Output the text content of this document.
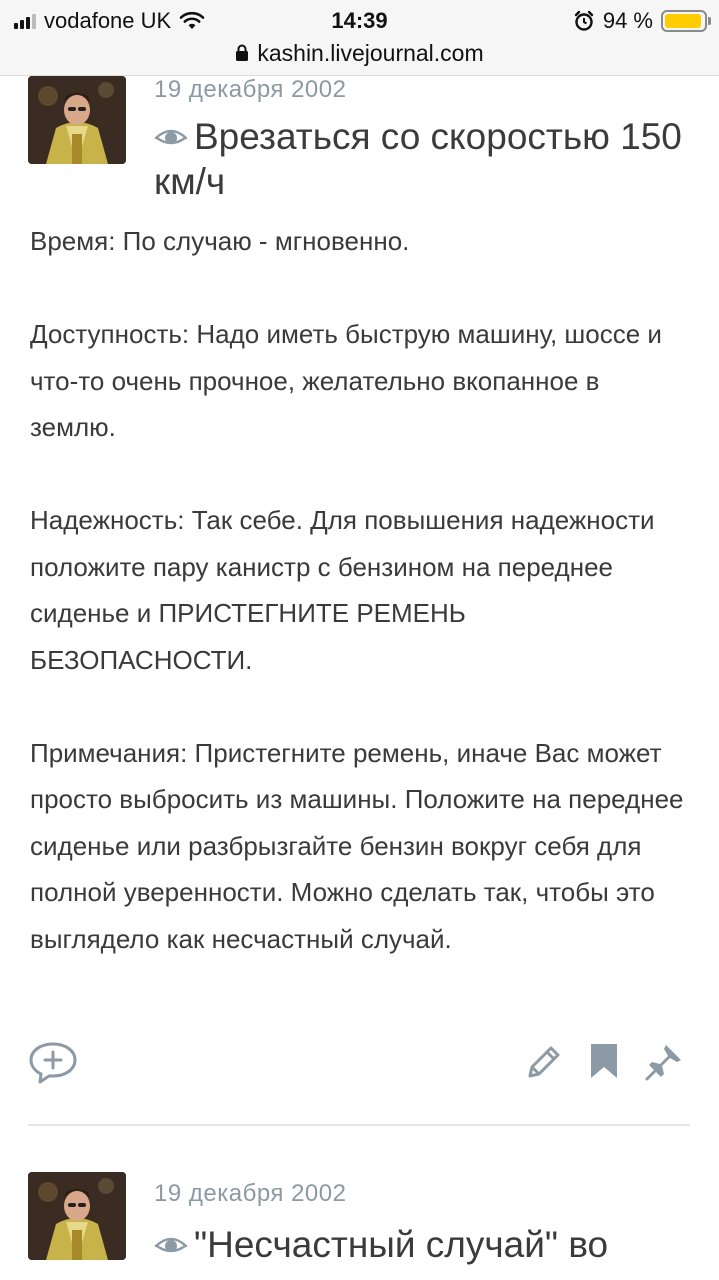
vodafone UK	14:39	94 %
kashin.livejournal.com
19 декабря 2002
Врезаться со скоростью 150 км/ч

Время: По случаю - мгновенно.

Доступность: Надо иметь быструю машину, шоссе и что-то очень прочное, желательно вкопанное в землю.

Надежность: Так себе. Для повышения надежности положите пару канистр с бензином на переднее сиденье и ПРИСТЕГНИТЕ РЕМЕНЬ БЕЗОПАСНОСТИ.

Примечания: Пристегните ремень, иначе Вас может просто выбросить из машины. Положите на переднее сиденье или разбрызгайте бензин вокруг себя для полной уверенности. Можно сделать так, чтобы это выглядело как несчастный случай.

19 декабря 2002
"Несчастный случай" во
